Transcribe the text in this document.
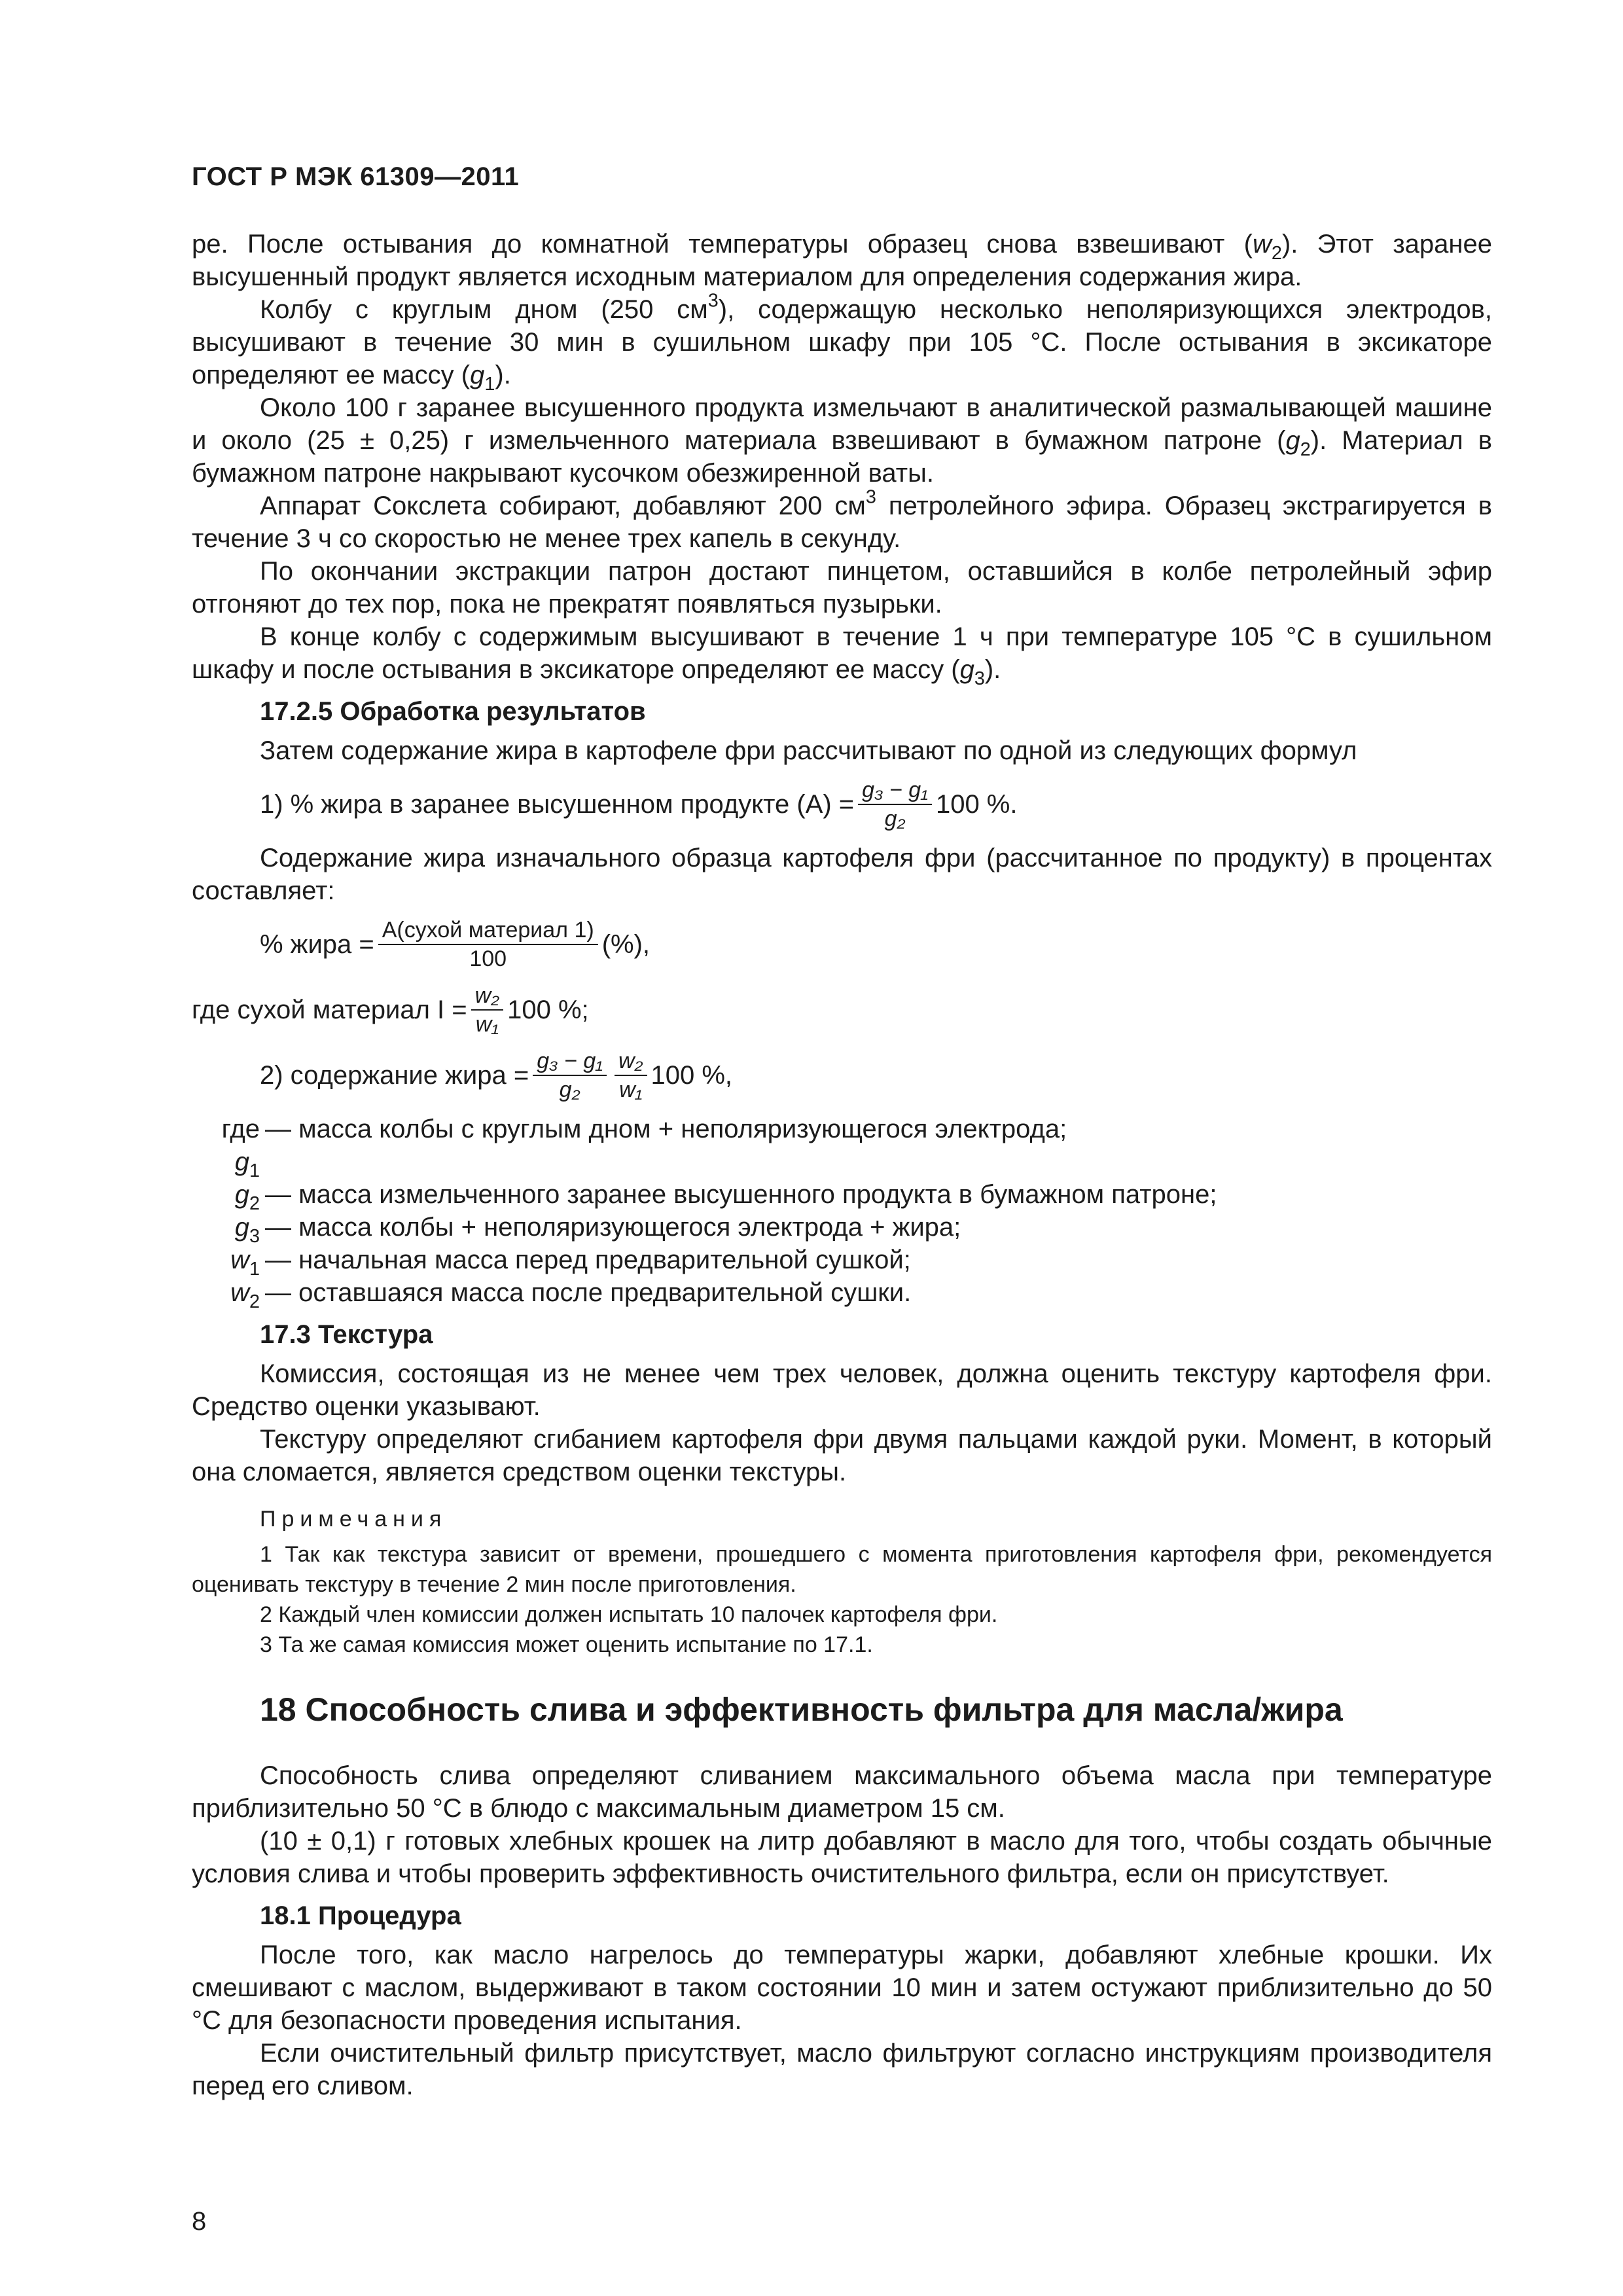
ГОСТ Р МЭК 61309—2011

ре. После остывания до комнатной температуры образец снова взвешивают $(w_2)$. Этот заранее высушенный продукт является исходным материалом для определения содержания жира.

Колбу с круглым дном (250 $см^3$), содержащую несколько неполяризующихся электродов, высушивают в течение 30 мин в сушильном шкафу при 105 °С. После остывания в эксикаторе определяют ее массу $(g_1)$.

Около 100 г заранее высушенного продукта измельчают в аналитической размалывающей машине и около (25 ± 0,25) г измельченного материала взвешивают в бумажном патроне $(g_2)$. Материал в бумажном патроне накрывают кусочком обезжиренной ваты.

Аппарат Сокслета собирают, добавляют 200 $см^3$ петролейного эфира. Образец экстрагируется в течение 3 ч со скоростью не менее трех капель в секунду.

По окончании экстракции патрон достают пинцетом, оставшийся в колбе петролейный эфир отгоняют до тех пор, пока не прекратят появляться пузырьки.

В конце колбу с содержимым высушивают в течение 1 ч при температуре 105 °С в сушильном шкафу и после остывания в эксикаторе определяют ее массу $(g_3)$.

17.2.5 Обработка результатов

Затем содержание жира в картофеле фри рассчитывают по одной из следующих формул

1) % жира в заранее высушенном продукте $(A) = \frac{\text{g₃ − g₁}}{\text{g₂}} 100$ %.

Содержание жира изначального образца картофеля фри (рассчитанное по продукту) в процентах составляет:

% жира = $\frac{\text{A(сухой материал 1)}}{100}$ (%),
где сухой материал $I = \frac{\text{w₂}}{\text{w₁}} 100$ %;
2) содержание жира = $\frac{\text{g₃ − g₁}}{\text{g₂}} \frac{\text{w₂}}{\text{w₁}} 100$ %,
где $g_1$
— масса колбы с круглым дном + неполяризующегося электрода;
$g_2$ — масса измельченного заранее высушенного продукта в бумажном патроне;
$g_3$ — масса колбы + неполяризующегося электрода + жира;
$w_1$ — начальная масса перед предварительной сушкой;
$w_2$ — оставшаяся масса после предварительной сушки.
17.3 Текстура

Комиссия, состоящая из не менее чем трех человек, должна оценить текстуру картофеля фри. Средство оценки указывают.

Текстуру определяют сгибанием картофеля фри двумя пальцами каждой руки. Момент, в который она сломается, является средством оценки текстуры.

Примечания

1 Так как текстура зависит от времени, прошедшего с момента приготовления картофеля фри, рекомендуется оценивать текстуру в течение 2 мин после приготовления.

2 Каждый член комиссии должен испытать 10 палочек картофеля фри.

3 Та же самая комиссия может оценить испытание по 17.1.

18 Способность слива и эффективность фильтра для масла/жира

Способность слива определяют сливанием максимального объема масла при температуре приблизительно 50 °С в блюдо с максимальным диаметром 15 см.

(10 ± 0,1) г готовых хлебных крошек на литр добавляют в масло для того, чтобы создать обычные условия слива и чтобы проверить эффективность очистительного фильтра, если он присутствует.

18.1 Процедура

После того, как масло нагрелось до температуры жарки, добавляют хлебные крошки. Их смешивают с маслом, выдерживают в таком состоянии 10 мин и затем остужают приблизительно до 50 °С для безопасности проведения испытания.

Если очистительный фильтр присутствует, масло фильтруют согласно инструкциям производителя перед его сливом.

8
